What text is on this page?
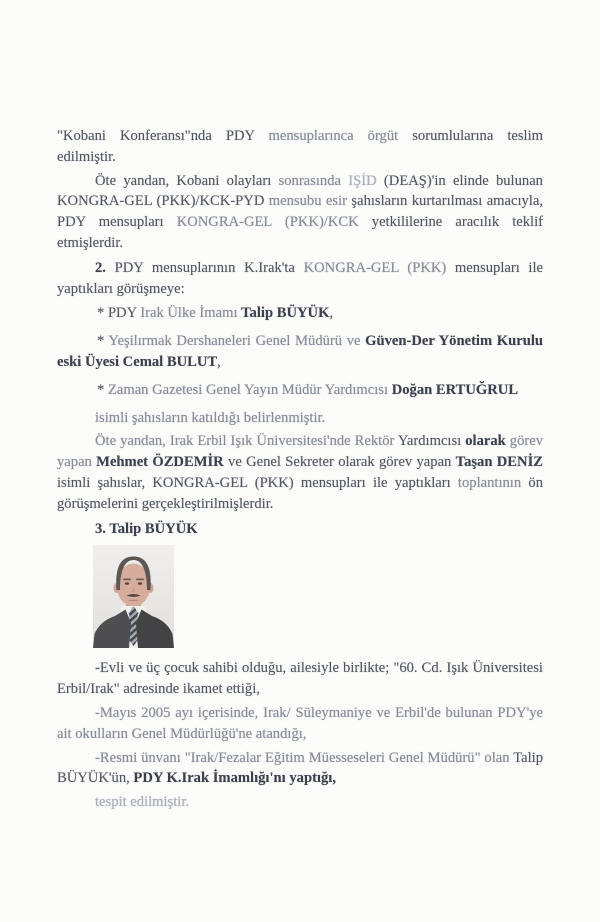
"Kobani Konferansı"nda PDY mensuplarınca örgüt sorumlularına teslim edilmiştir.

Öte yandan, Kobani olayları sonrasında IŞİD (DEAŞ)'in elinde bulunan KONGRA-GEL (PKK)/KCK-PYD mensubu esir şahısların kurtarılması amacıyla, PDY mensupları KONGRA-GEL (PKK)/KCK yetkililerine aracılık teklif etmişlerdir.

2. PDY mensuplarının K.Irak'ta KONGRA-GEL (PKK) mensupları ile yaptıkları görüşmeye:

* PDY Irak Ülke İmamı Talip BÜYÜK,

* Yeşilırmak Dershaneleri Genel Müdürü ve Güven-Der Yönetim Kurulu eski Üyesi Cemal BULUT,

* Zaman Gazetesi Genel Yayın Müdür Yardımcısı Doğan ERTUĞRUL

isimli şahısların katıldığı belirlenmiştir.

Öte yandan, Irak Erbil Işık Üniversitesi'nde Rektör Yardımcısı olarak görev yapan Mehmet ÖZDEMİR ve Genel Sekreter olarak görev yapan Taşan DENİZ isimli şahıslar, KONGRA-GEL (PKK) mensupları ile yaptıkları toplantının ön görüşmelerini gerçekleştirilmişlerdir.

3. Talip BÜYÜK

-Evli ve üç çocuk sahibi olduğu, ailesiyle birlikte; "60. Cd. Işık Üniversitesi Erbil/Irak" adresinde ikamet ettiği,

-Mayıs 2005 ayı içerisinde, Irak/ Süleymaniye ve Erbil'de bulunan PDY'ye ait okulların Genel Müdürlüğü'ne atandığı,

-Resmi ünvanı "Irak/Fezalar Eğitim Müesseseleri Genel Müdürü" olan Talip BÜYÜK'ün, PDY K.Irak İmamlığı'nı yaptığı,

tespit edilmiştir.
